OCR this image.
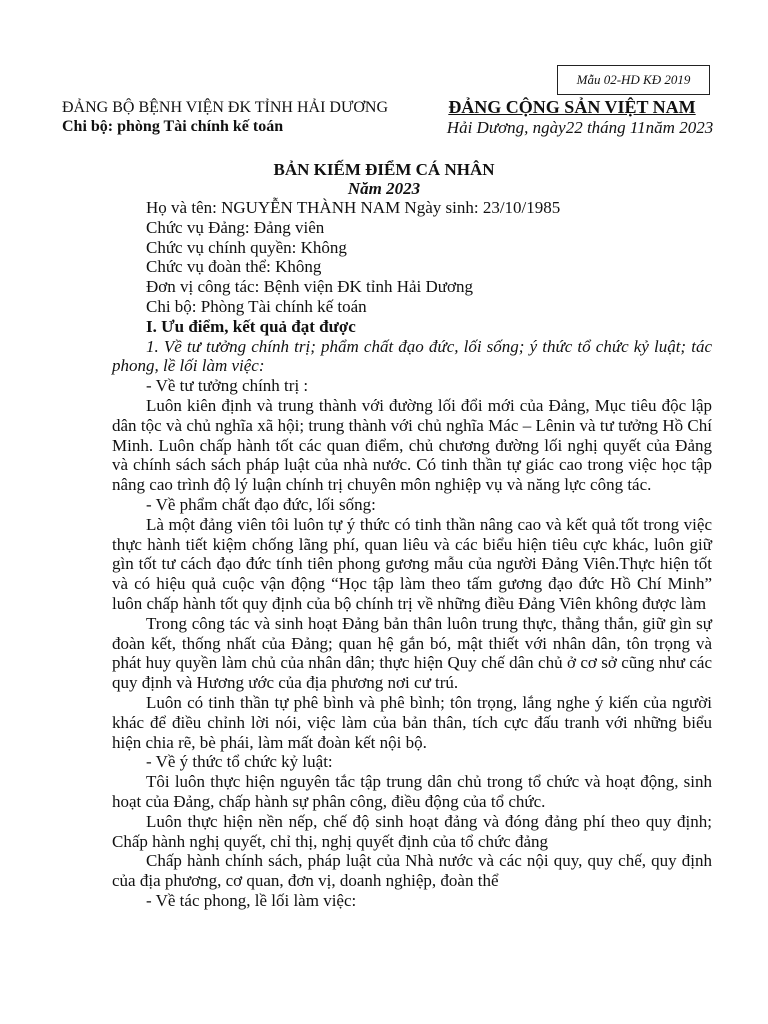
Mẫu 02-HD KĐ 2019
ĐẢNG BỘ BỆNH VIỆN ĐK TỈNH HẢI DƯƠNG
Chi bộ: phòng Tài chính kế toán
ĐẢNG CỘNG SẢN VIỆT NAM
Hải Dương, ngày22 tháng 11năm 2023
BẢN KIẾM ĐIỂM CÁ NHÂN
Năm 2023
Họ và tên: NGUYỄN THÀNH NAM Ngày sinh: 23/10/1985
Chức vụ Đảng: Đảng viên
Chức vụ chính quyền: Không
Chức vụ đoàn thể: Không
Đơn vị công tác: Bệnh viện ĐK tỉnh Hải Dương
Chi bộ: Phòng Tài chính kế toán
I. Ưu điểm, kết quả đạt được
1. Về tư tưởng chính trị; phẩm chất đạo đức, lối sống; ý thức tổ chức kỷ luật; tác phong, lề lối làm việc:
- Về tư tưởng chính trị :
Luôn kiên định và trung thành với đường lối đổi mới của Đảng, Mục tiêu độc lập dân tộc và chủ nghĩa xã hội; trung thành với chủ nghĩa Mác – Lênin và tư tưởng Hồ Chí Minh. Luôn chấp hành tốt các quan điểm, chủ chương đường lối nghị quyết của Đảng và chính sách sách pháp luật của nhà nước. Có tinh thần tự giác cao trong việc học tập nâng cao trình độ lý luận chính trị chuyên môn nghiệp vụ và năng lực công tác.
- Về phẩm chất đạo đức, lối sống:
Là một đảng viên tôi luôn tự ý thức có tinh thần nâng cao và kết quả tốt trong việc thực hành tiết kiệm chống lãng phí, quan liêu và các biểu hiện tiêu cực khác, luôn giữ gìn tốt tư cách đạo đức tính tiên phong gương mẫu của người Đảng Viên.Thực hiện tốt và có hiệu quả cuộc vận động “Học tập làm theo tấm gương đạo đức Hồ Chí Minh” luôn chấp hành tốt quy định của bộ chính trị về những điều Đảng Viên không được làm
Trong công tác và sinh hoạt Đảng bản thân luôn trung thực, thẳng thắn, giữ gìn sự đoàn kết, thống nhất của Đảng; quan hệ gắn bó, mật thiết với nhân dân, tôn trọng và phát huy quyền làm chủ của nhân dân; thực hiện Quy chế dân chủ ở cơ sở cũng như các quy định và Hương ước của địa phương nơi cư trú.
Luôn có tinh thần tự phê bình và phê bình; tôn trọng, lắng nghe ý kiến của người khác để điều chỉnh lời nói, việc làm của bản thân, tích cực đấu tranh với những biểu hiện chia rẽ, bè phái, làm mất đoàn kết nội bộ.
- Về ý thức tổ chức kỷ luật:
Tôi luôn thực hiện nguyên tắc tập trung dân chủ trong tổ chức và hoạt động, sinh hoạt của Đảng, chấp hành sự phân công, điều động của tổ chức.
Luôn thực hiện nền nếp, chế độ sinh hoạt đảng và đóng đảng phí theo quy định; Chấp hành nghị quyết, chỉ thị, nghị quyết định của tổ chức đảng
Chấp hành chính sách, pháp luật của Nhà nước và các nội quy, quy chế, quy định của địa phương, cơ quan, đơn vị, doanh nghiệp, đoàn thể
- Về tác phong, lề lối làm việc:
